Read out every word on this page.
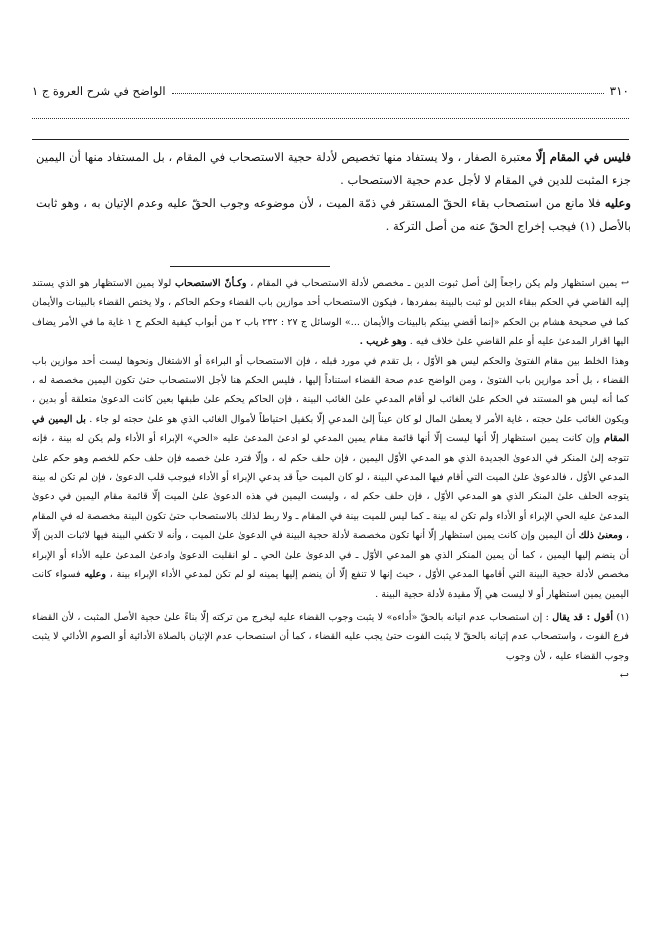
٣١٠
الواضح في شرح العروة ج ١

فليس في المقام إلّا معتبرة الصفار ، ولا يستفاد منها تخصيص لأدلة حجية الاستصحاب في المقام ، بل المستفاد منها أن اليمين جزء المثبت للدين في المقام لا لأجل عدم حجية الاستصحاب .

وعليه فلا مانع من استصحاب بقاء الحقّ المستقر في ذمّة الميت ، لأن موضوعه وجوب الحقّ عليه وعدم الإتيان به ، وهو ثابت بالأصل (١) فيجب إخراج الحقّ عنه من أصل التركة .

↩ يمين استظهار ولم يكن راجعاً إلىٰ أصل ثبوت الدين ـ مخصص لأدلة الاستصحاب في المقام ، وكـأنّ الاستصحاب لولا يمين الاستظهار هو الذي يستند إليه القاضي في الحكم ببقاء الدين لو ثبت بالبينة بمفردها ، فيكون الاستصحاب أحد موازين باب القضاء وحكم الحاكم ، ولا يختص القضاء بالبينات والأيمان كما في صحيحة هشام بن الحكم «إنما أقضي بينكم بالبينات والأيمان ...» الوسائل ج ٢٧ : ٢٣٢ باب ٢ من أبواب كيفية الحكم ح ١ غاية ما في الأمر يضاف اليها اقرار المدعىٰ عليه أو علم القاضي علىٰ خلاف فيه . وهو غريب .

وهذا الخلط بين مقام الفتوىٰ والحكم ليس هو الأوّل ، بل تقدم في مورد قبله ، فإن الاستصحاب أو البراءة أو الاشتغال ونحوها ليست أحد موازين باب القضاء ، بل أحد موازين باب الفتوىٰ ، ومن الواضح عدم صحة القضاء استناداً إليها ، فليس الحكم هنا لأجل الاستصحاب حتىٰ تكون اليمين مخصصة له ، كما أنه ليس هو المستند في الحكم علىٰ الغائب لو أقام المدعي علىٰ الغائب البينة ، فإن الحاكم يحكم علىٰ طبقها بعين كانت الدعوىٰ متعلقة أو بدين ، ويكون الغائب علىٰ حجته ، غاية الأمر لا يعطىٰ المال لو كان عيناً إلىٰ المدعي إلّا بكفيل احتياطاً لأموال الغائب الذي هو علىٰ حجته لو جاء . بل اليمين في المقام وإن كانت يمين استظهار إلّا أنها ليست إلّا أنها قائمة مقام يمين المدعي لو ادعىٰ المدعىٰ عليه «الحي» الإبراء أو الأداء ولم يكن له بينة ، فإنه تتوجه إلىٰ المنكر في الدعوىٰ الجديدة الذي هو المدعي الأوّل اليمين ، فإن حلف حكم له ، وإلّا فترد علىٰ خصمه فإن حلف حكم للخصم وهو حكم علىٰ المدعي الأوّل ، فالدعوىٰ علىٰ الميت التي أقام فيها المدعي البينة ، لو كان الميت حياً قد يدعي الإبراء أو الأداء فيوجب قلب الدعوىٰ ، فإن لم تكن له بينة يتوجه الحلف علىٰ المنكر الذي هو المدعي الأوّل ، فإن حلف حكم له ، وليست اليمين في هذه الدعوىٰ علىٰ الميت إلّا قائمة مقام اليمين في دعوىٰ المدعىٰ عليه الحي الإبراء أو الأداء ولم تكن له بينة ـ كما ليس للميت بينة في المقام ـ ولا ربط لذلك بالاستصحاب حتىٰ تكون البينة مخصصة له في المقام ، ومعنىٰ ذلك أن اليمين وإن كانت يمين استظهار إلّا أنها تكون مخصصة لأدلة حجية البينة في الدعوىٰ علىٰ الميت ، وأنه لا تكفي البينة فيها لاثبات الدين إلّا أن ينضم إليها اليمين ، كما أن يمين المنكر الذي هو المدعي الأوّل ـ في الدعوىٰ علىٰ الحي ـ لو انقلبت الدعوىٰ وادعىٰ المدعىٰ عليه الأداء أو الإبراء مخصص لأدلة حجية البينة التي أقامها المدعي الأوّل ، حيث إنها لا تنفع إلّا أن ينضم إليها يمينه لو لم تكن لمدعي الأداء الإبراء بينة ، وعليه فسواء كانت اليمين يمين استظهار أو لا ليست هي إلّا مقيدة لأدلة حجية البينة .

(١) أقول : قد يقال : إن استصحاب عدم اتيانه بالحقّ «أداءه» لا يثبت وجوب القضاء عليه ليخرج من تركته إلّا بناءً علىٰ حجية الأصل المثبت ، لأن القضاء فرع الفوت ، واستصحاب عدم إتيانه بالحقّ لا يثبت الفوت حتىٰ يجب عليه القضاء ، كما أن استصحاب عدم الإتيان بالصلاة الأدائية أو الصوم الأدائي لا يثبت وجوب القضاء عليه ، لأن وجوب

↩
